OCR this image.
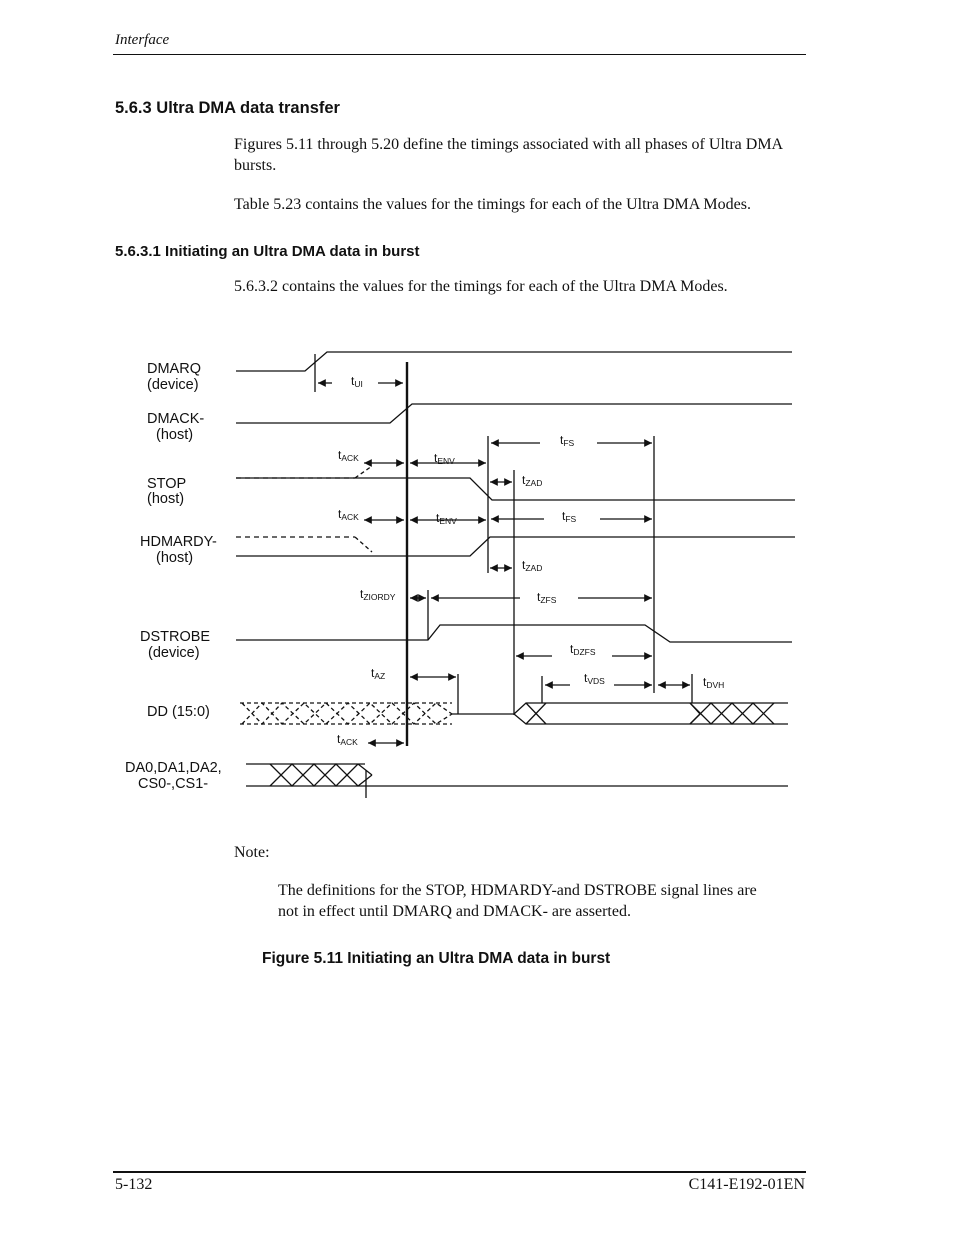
Interface
5.6.3 Ultra DMA data transfer
Figures 5.11 through 5.20 define the timings associated with all phases of Ultra DMA bursts.
Table 5.23 contains the values for the timings for each of the Ultra DMA Modes.
5.6.3.1 Initiating an Ultra DMA data in burst
5.6.3.2 contains the values for the timings for each of the Ultra DMA Modes.
DMARQ
(device)
DMACK-
(host)
STOP
(host)
HDMARDY-
(host)
DSTROBE
(device)
DD (15:0)
DA0,DA1,DA2,
CS0-,CS1-
tUI
tACK	tENV
tFS
tZAD
tACK	tENV	tFS
tZAD
tZIORDY	tZFS
tDZFS
tAZ	tVDS	tDVH
tACK
Note:
The definitions for the STOP, HDMARDY-and DSTROBE signal lines are
not in effect until DMARQ and DMACK- are asserted.
Figure 5.11 Initiating an Ultra DMA data in burst
5-132	C141-E192-01EN
